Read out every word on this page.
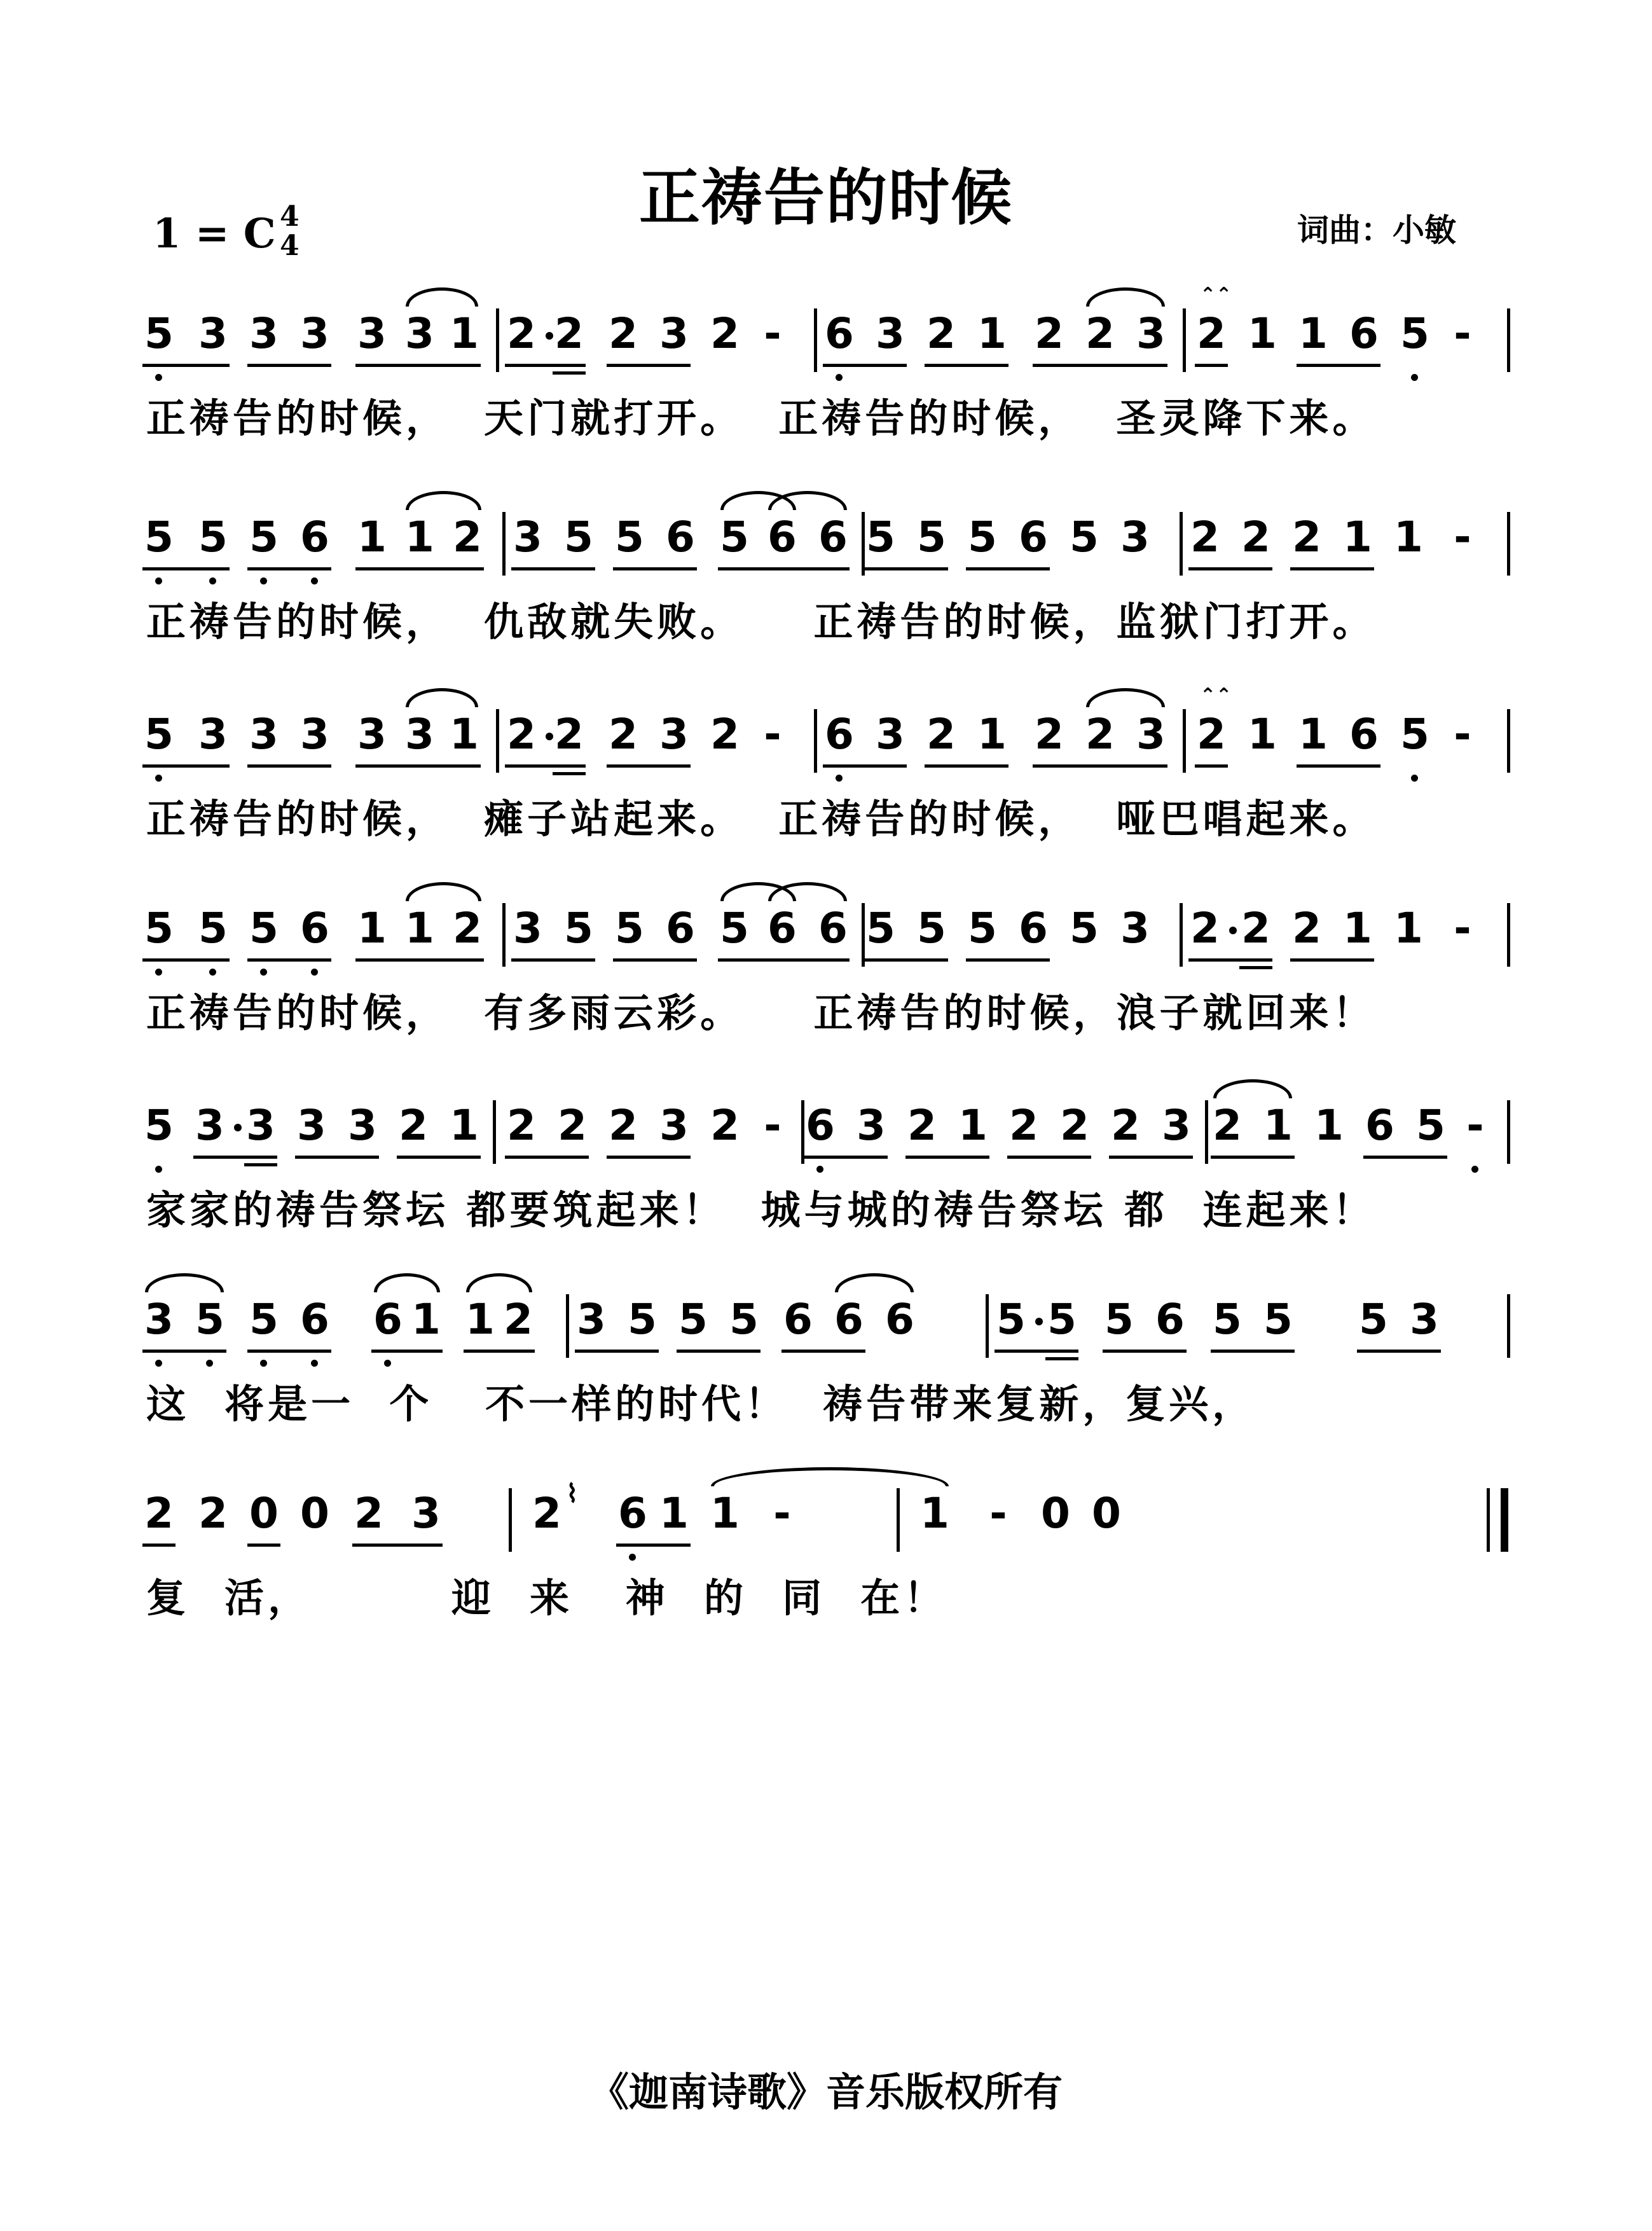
正祷告的时候
1 = C 4
4	词曲：小敏
5 3 3 3 3 3 1 2 2 2 3 2 - 6 3 2 1 2 2 3 2 1 1 6 5 -
⌃⌃
正祷告的时候，  天门就打开。  正祷告的时候，  圣灵降下来。
5 5 5 6 1 1 2 3 5 5 6 5 6 6 5 5 5 6 5 3 2 2 2 1 1 -
正祷告的时候，  仇敌就失败。    正祷告的时候，监狱门打开。
5 3 3 3 3 3 1 2 2 2 3 2 - 6 3 2 1 2 2 3 2 1 1 6 5 -
⌃⌃
正祷告的时候，  瘫子站起来。  正祷告的时候，  哑巴唱起来。
5 5 5 6 1 1 2 3 5 5 6 5 6 6 5 5 5 6 5 3 2 2 2 1 1 -
正祷告的时候，  有多雨云彩。    正祷告的时候，浪子就回来！
5 3 3 3 3 2 1 2 2 2 3 2 - 6 3 2 1 2 2 2 3 2 1 1 6 5 -
家家的祷告祭坛 都要筑起来！  城与城的祷告祭坛 都  连起来！
3 5 5 6 6 1 1 2 3 5 5 5 6 6 6 5 5 5 6 5 5 5 3
这  将是一  个   不一样的时代！  祷告带来复新，复兴，
2 2 0 0 2 3 2 6 1 1 -	1 - 0 0
⌇
复  活，        迎  来   神  的  同  在！
《迦南诗歌》音乐版权所有
